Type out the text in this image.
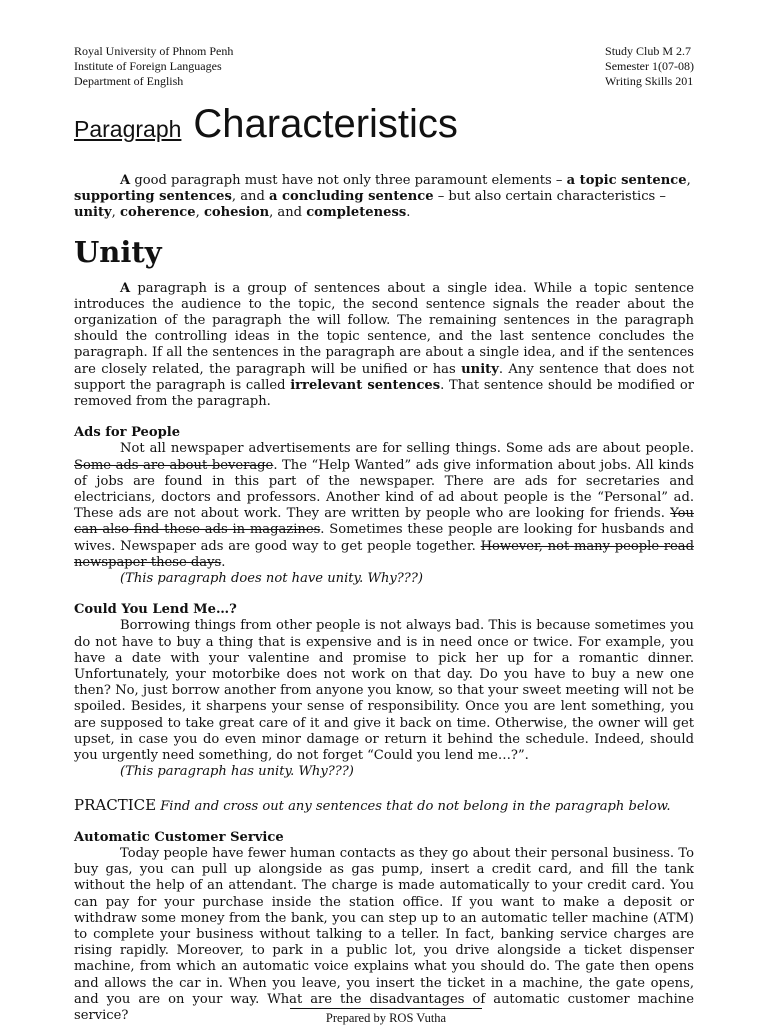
Royal University of Phnom Penh
Institute of Foreign Languages
Department of English
Study Club M 2.7
Semester 1(07-08)
Writing Skills 201
Paragraph Characteristics

A good paragraph must have not only three paramount elements – a topic sentence, supporting sentences, and a concluding sentence – but also certain characteristics – unity, coherence, cohesion, and completeness.

Unity

A paragraph is a group of sentences about a single idea. While a topic sentence introduces the audience to the topic, the second sentence signals the reader about the organization of the paragraph the will follow. The remaining sentences in the paragraph should the controlling ideas in the topic sentence, and the last sentence concludes the paragraph. If all the sentences in the paragraph are about a single idea, and if the sentences are closely related, the paragraph will be unified or has unity. Any sentence that does not support the paragraph is called irrelevant sentences. That sentence should be modified or removed from the paragraph.

Ads for People

Not all newspaper advertisements are for selling things. Some ads are about people. Some ads are about beverage. The “Help Wanted” ads give information about jobs. All kinds of jobs are found in this part of the newspaper. There are ads for secretaries and electricians, doctors and professors. Another kind of ad about people is the “Personal” ad. These ads are not about work. They are written by people who are looking for friends. You can also find these ads in magazines. Sometimes these people are looking for husbands and wives. Newspaper ads are good way to get people together. However, not many people read newspaper these days.

(This paragraph does not have unity. Why???)
Could You Lend Me…?

Borrowing things from other people is not always bad. This is because sometimes you do not have to buy a thing that is expensive and is in need once or twice. For example, you have a date with your valentine and promise to pick her up for a romantic dinner. Unfortunately, your motorbike does not work on that day. Do you have to buy a new one then? No, just borrow another from anyone you know, so that your sweet meeting will not be spoiled. Besides, it sharpens your sense of responsibility. Once you are lent something, you are supposed to take great care of it and give it back on time. Otherwise, the owner will get upset, in case you do even minor damage or return it behind the schedule. Indeed, should you urgently need something, do not forget “Could you lend me…?”.

(This paragraph has unity. Why???)
PRACTICE Find and cross out any sentences that do not belong in the paragraph below.
Automatic Customer Service

Today people have fewer human contacts as they go about their personal business. To buy gas, you can pull up alongside as gas pump, insert a credit card, and fill the tank without the help of an attendant. The charge is made automatically to your credit card. You can pay for your purchase inside the station office. If you want to make a deposit or withdraw some money from the bank, you can step up to an automatic teller machine (ATM) to complete your business without talking to a teller. In fact, banking service charges are rising rapidly. Moreover, to park in a public lot, you drive alongside a ticket dispenser machine, from which an automatic voice explains what you should do. The gate then opens and allows the car in. When you leave, you insert the ticket in a machine, the gate opens, and you are on your way. What are the disadvantages of automatic customer machine service?	Prepared by ROS Vutha
